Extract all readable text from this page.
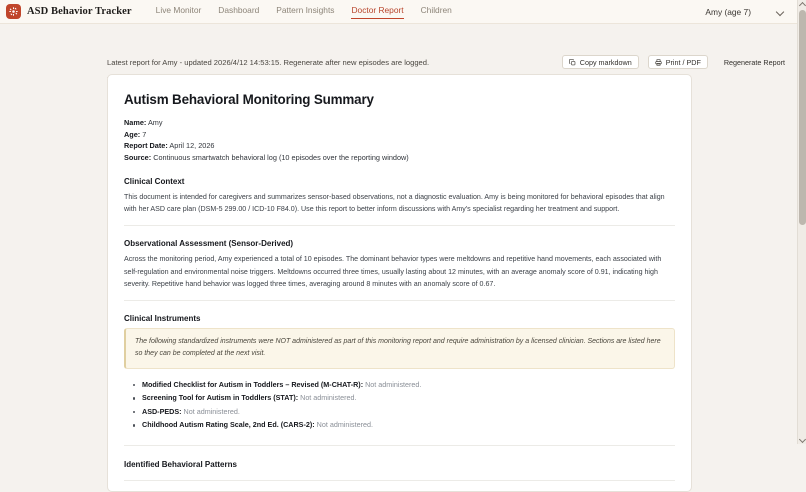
ASD Behavior Tracker	Live Monitor Dashboard Pattern Insights Doctor Report Children	Amy (age 7)
Latest report for Amy - updated 2026/4/12 14:53:15. Regenerate after new episodes are logged.	Copy markdown	Print / PDF	Regenerate Report
Autism Behavioral Monitoring Summary
Name: Amy
Age: 7
Report Date: April 12, 2026
Source: Continuous smartwatch behavioral log (10 episodes over the reporting window)
Clinical Context
This document is intended for caregivers and summarizes sensor-based observations, not a diagnostic evaluation. Amy is being monitored for behavioral episodes that align with her ASD care plan (DSM-5 299.00 / ICD-10 F84.0). Use this report to better inform discussions with Amy's specialist regarding her treatment and support.
Observational Assessment (Sensor-Derived)
Across the monitoring period, Amy experienced a total of 10 episodes. The dominant behavior types were meltdowns and repetitive hand movements, each associated with self-regulation and environmental noise triggers. Meltdowns occurred three times, usually lasting about 12 minutes, with an average anomaly score of 0.91, indicating high severity. Repetitive hand behavior was logged three times, averaging around 8 minutes with an anomaly score of 0.67.
Clinical Instruments

The following standardized instruments were NOT administered as part of this monitoring report and require administration by a licensed clinician. Sections are listed here so they can be completed at the next visit.

Modified Checklist for Autism in Toddlers – Revised (M-CHAT-R): Not administered.
Screening Tool for Autism in Toddlers (STAT): Not administered.
ASD-PEDS: Not administered.
Childhood Autism Rating Scale, 2nd Ed. (CARS-2): Not administered.
Identified Behavioral Patterns
